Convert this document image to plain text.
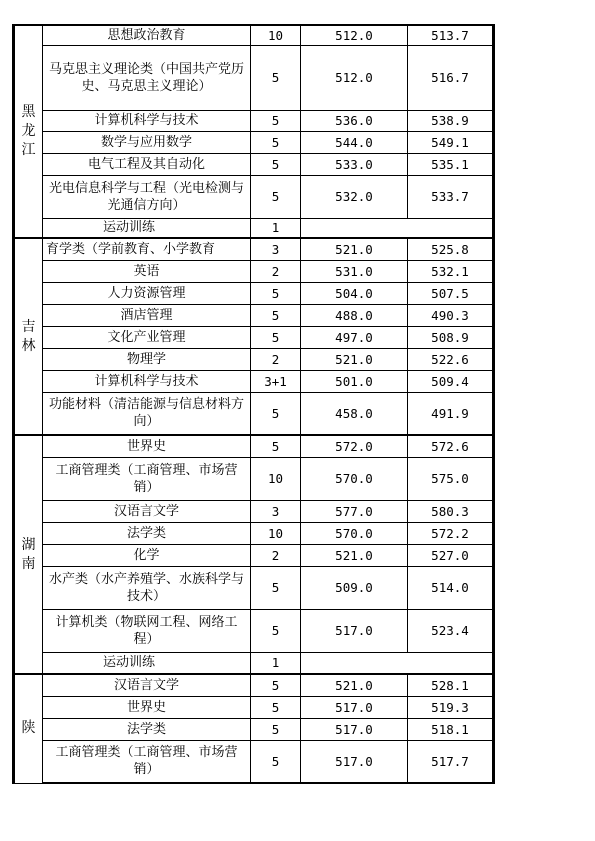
黑龙江	思想政治教育	10	512.0	513.7
	马克思主义理论类（中国共产党历史、马克思主义理论）	5	512.0	516.7
	计算机科学与技术	5	536.0	538.9
	数学与应用数学	5	544.0	549.1
	电气工程及其自动化	5	533.0	535.1
	光电信息科学与工程（光电检测与光通信方向）	5	532.0	533.7
	运动训练	1		

吉林	育学类（学前教育、小学教育	3	521.0	525.8
	英语	2	531.0	532.1
	人力资源管理	5	504.0	507.5
	酒店管理	5	488.0	490.3
	文化产业管理	5	497.0	508.9
	物理学	2	521.0	522.6
	计算机科学与技术	3+1	501.0	509.4
	功能材料（清洁能源与信息材料方向）	5	458.0	491.9

湖南	世界史	5	572.0	572.6
	工商管理类（工商管理、市场营销）	10	570.0	575.0
	汉语言文学	3	577.0	580.3
	法学类	10	570.0	572.2
	化学	2	521.0	527.0
	水产类（水产养殖学、水族科学与技术）	5	509.0	514.0
	计算机类（物联网工程、网络工程）	5	517.0	523.4
	运动训练	1		

陕	汉语言文学	5	521.0	528.1
	世界史	5	517.0	519.3
	法学类	5	517.0	518.1
	工商管理类（工商管理、市场营销）	5	517.0	517.7
